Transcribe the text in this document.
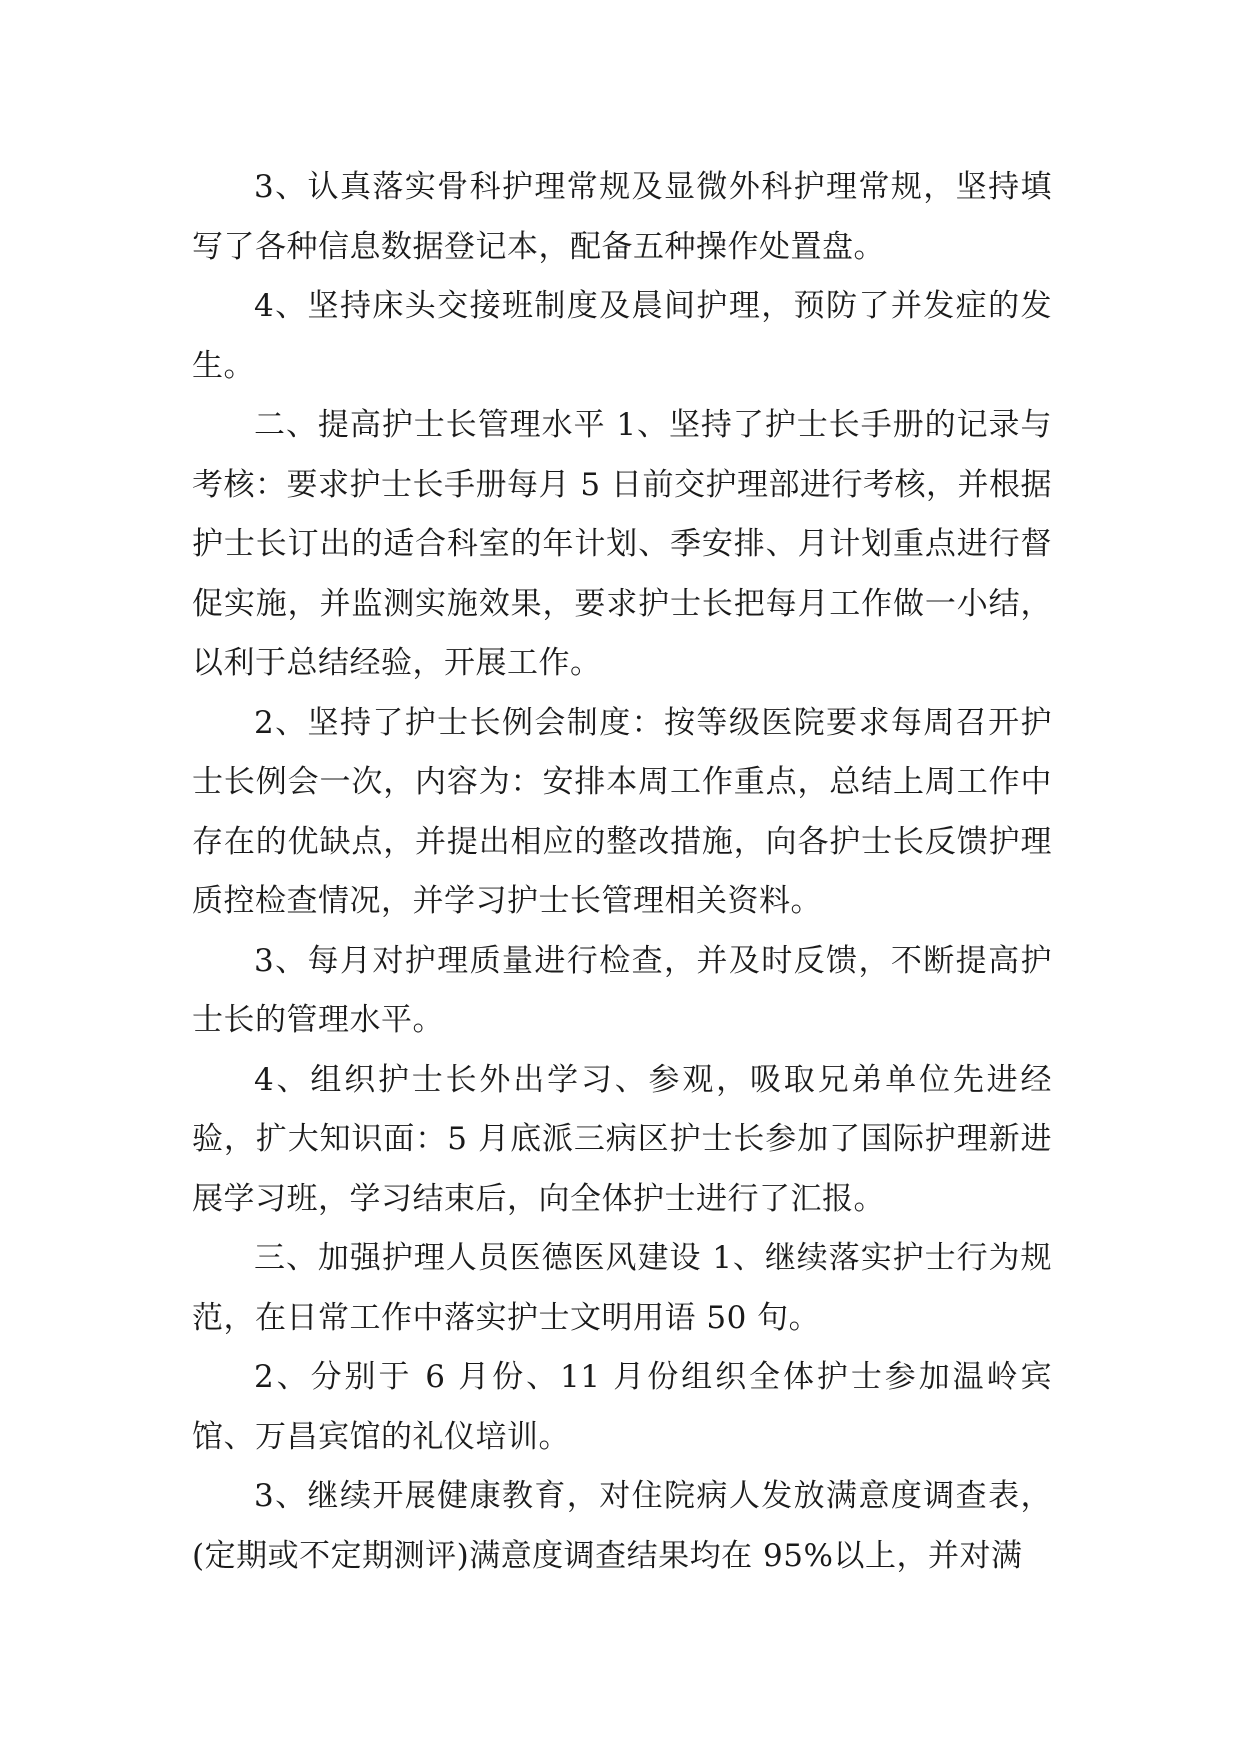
3、认真落实骨科护理常规及显微外科护理常规，坚持填写了各种信息数据登记本，配备五种操作处置盘。

4、坚持床头交接班制度及晨间护理，预防了并发症的发生。

二、提高护士长管理水平 1、坚持了护士长手册的记录与考核：要求护士长手册每月 5 日前交护理部进行考核，并根据护士长订出的适合科室的年计划、季安排、月计划重点进行督促实施，并监测实施效果，要求护士长把每月工作做一小结，以利于总结经验，开展工作。

2、坚持了护士长例会制度：按等级医院要求每周召开护士长例会一次，内容为：安排本周工作重点，总结上周工作中存在的优缺点，并提出相应的整改措施，向各护士长反馈护理质控检查情况，并学习护士长管理相关资料。

3、每月对护理质量进行检查，并及时反馈，不断提高护士长的管理水平。

4、组织护士长外出学习、参观，吸取兄弟单位先进经验，扩大知识面：5 月底派三病区护士长参加了国际护理新进展学习班，学习结束后，向全体护士进行了汇报。

三、加强护理人员医德医风建设 1、继续落实护士行为规范，在日常工作中落实护士文明用语 50 句。

2、分别于 6 月份、11 月份组织全体护士参加温岭宾馆、万昌宾馆的礼仪培训。

3、继续开展健康教育，对住院病人发放满意度调查表，(定期或不定期测评)满意度调查结果均在 95%以上，并对满
